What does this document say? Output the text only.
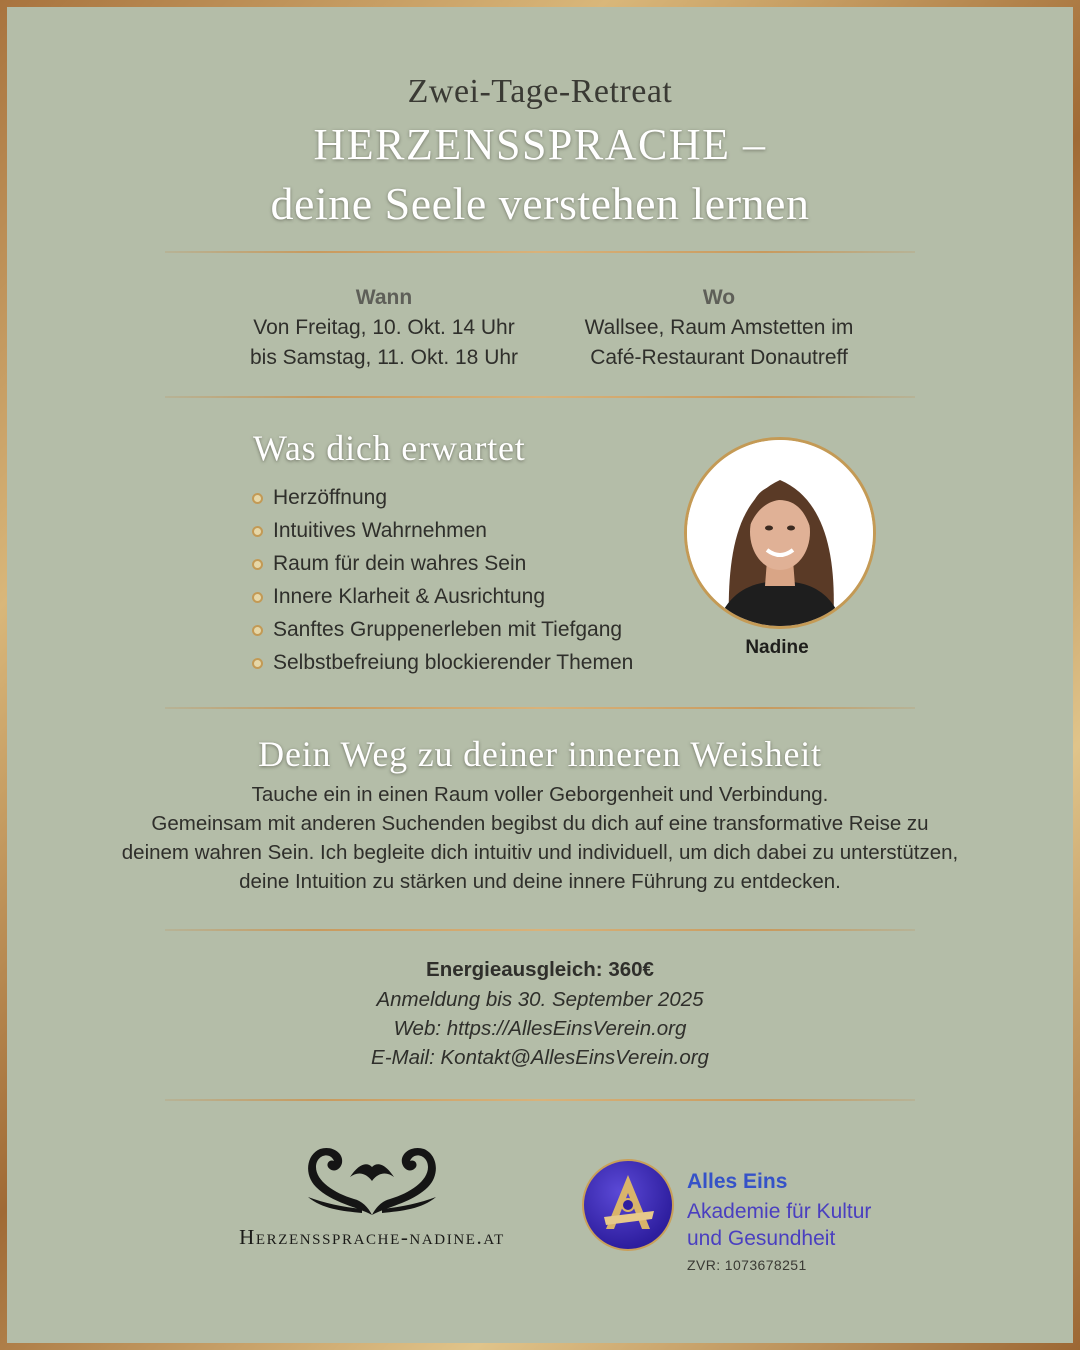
Zwei-Tage-Retreat
HERZENSSPRACHE –
deine Seele verstehen lernen
Wann
Von Freitag, 10. Okt. 14 Uhr
bis Samstag, 11. Okt. 18 Uhr
Wo
Wallsee, Raum Amstetten im
Café-Restaurant Donautreff
Was dich erwartet
Herzöffnung
Intuitives Wahrnehmen
Raum für dein wahres Sein
Innere Klarheit & Ausrichtung
Sanftes Gruppenerleben mit Tiefgang
Selbstbefreiung blockierender Themen
Nadine
Dein Weg zu deiner inneren Weisheit
Tauche ein in einen Raum voller Geborgenheit und Verbindung.
Gemeinsam mit anderen Suchenden begibst du dich auf eine transformative Reise zu
deinem wahren Sein. Ich begleite dich intuitiv und individuell, um dich dabei zu unterstützen,
deine Intuition zu stärken und deine innere Führung zu entdecken.
Energieausgleich: 360€
Anmeldung bis 30. September 2025
Web: https://AllesEinsVerein.org
E-Mail: Kontakt@AllesEinsVerein.org
Herzenssprache-nadine.at
Alles Eins
Akademie für Kultur
und Gesundheit
ZVR: 1073678251
